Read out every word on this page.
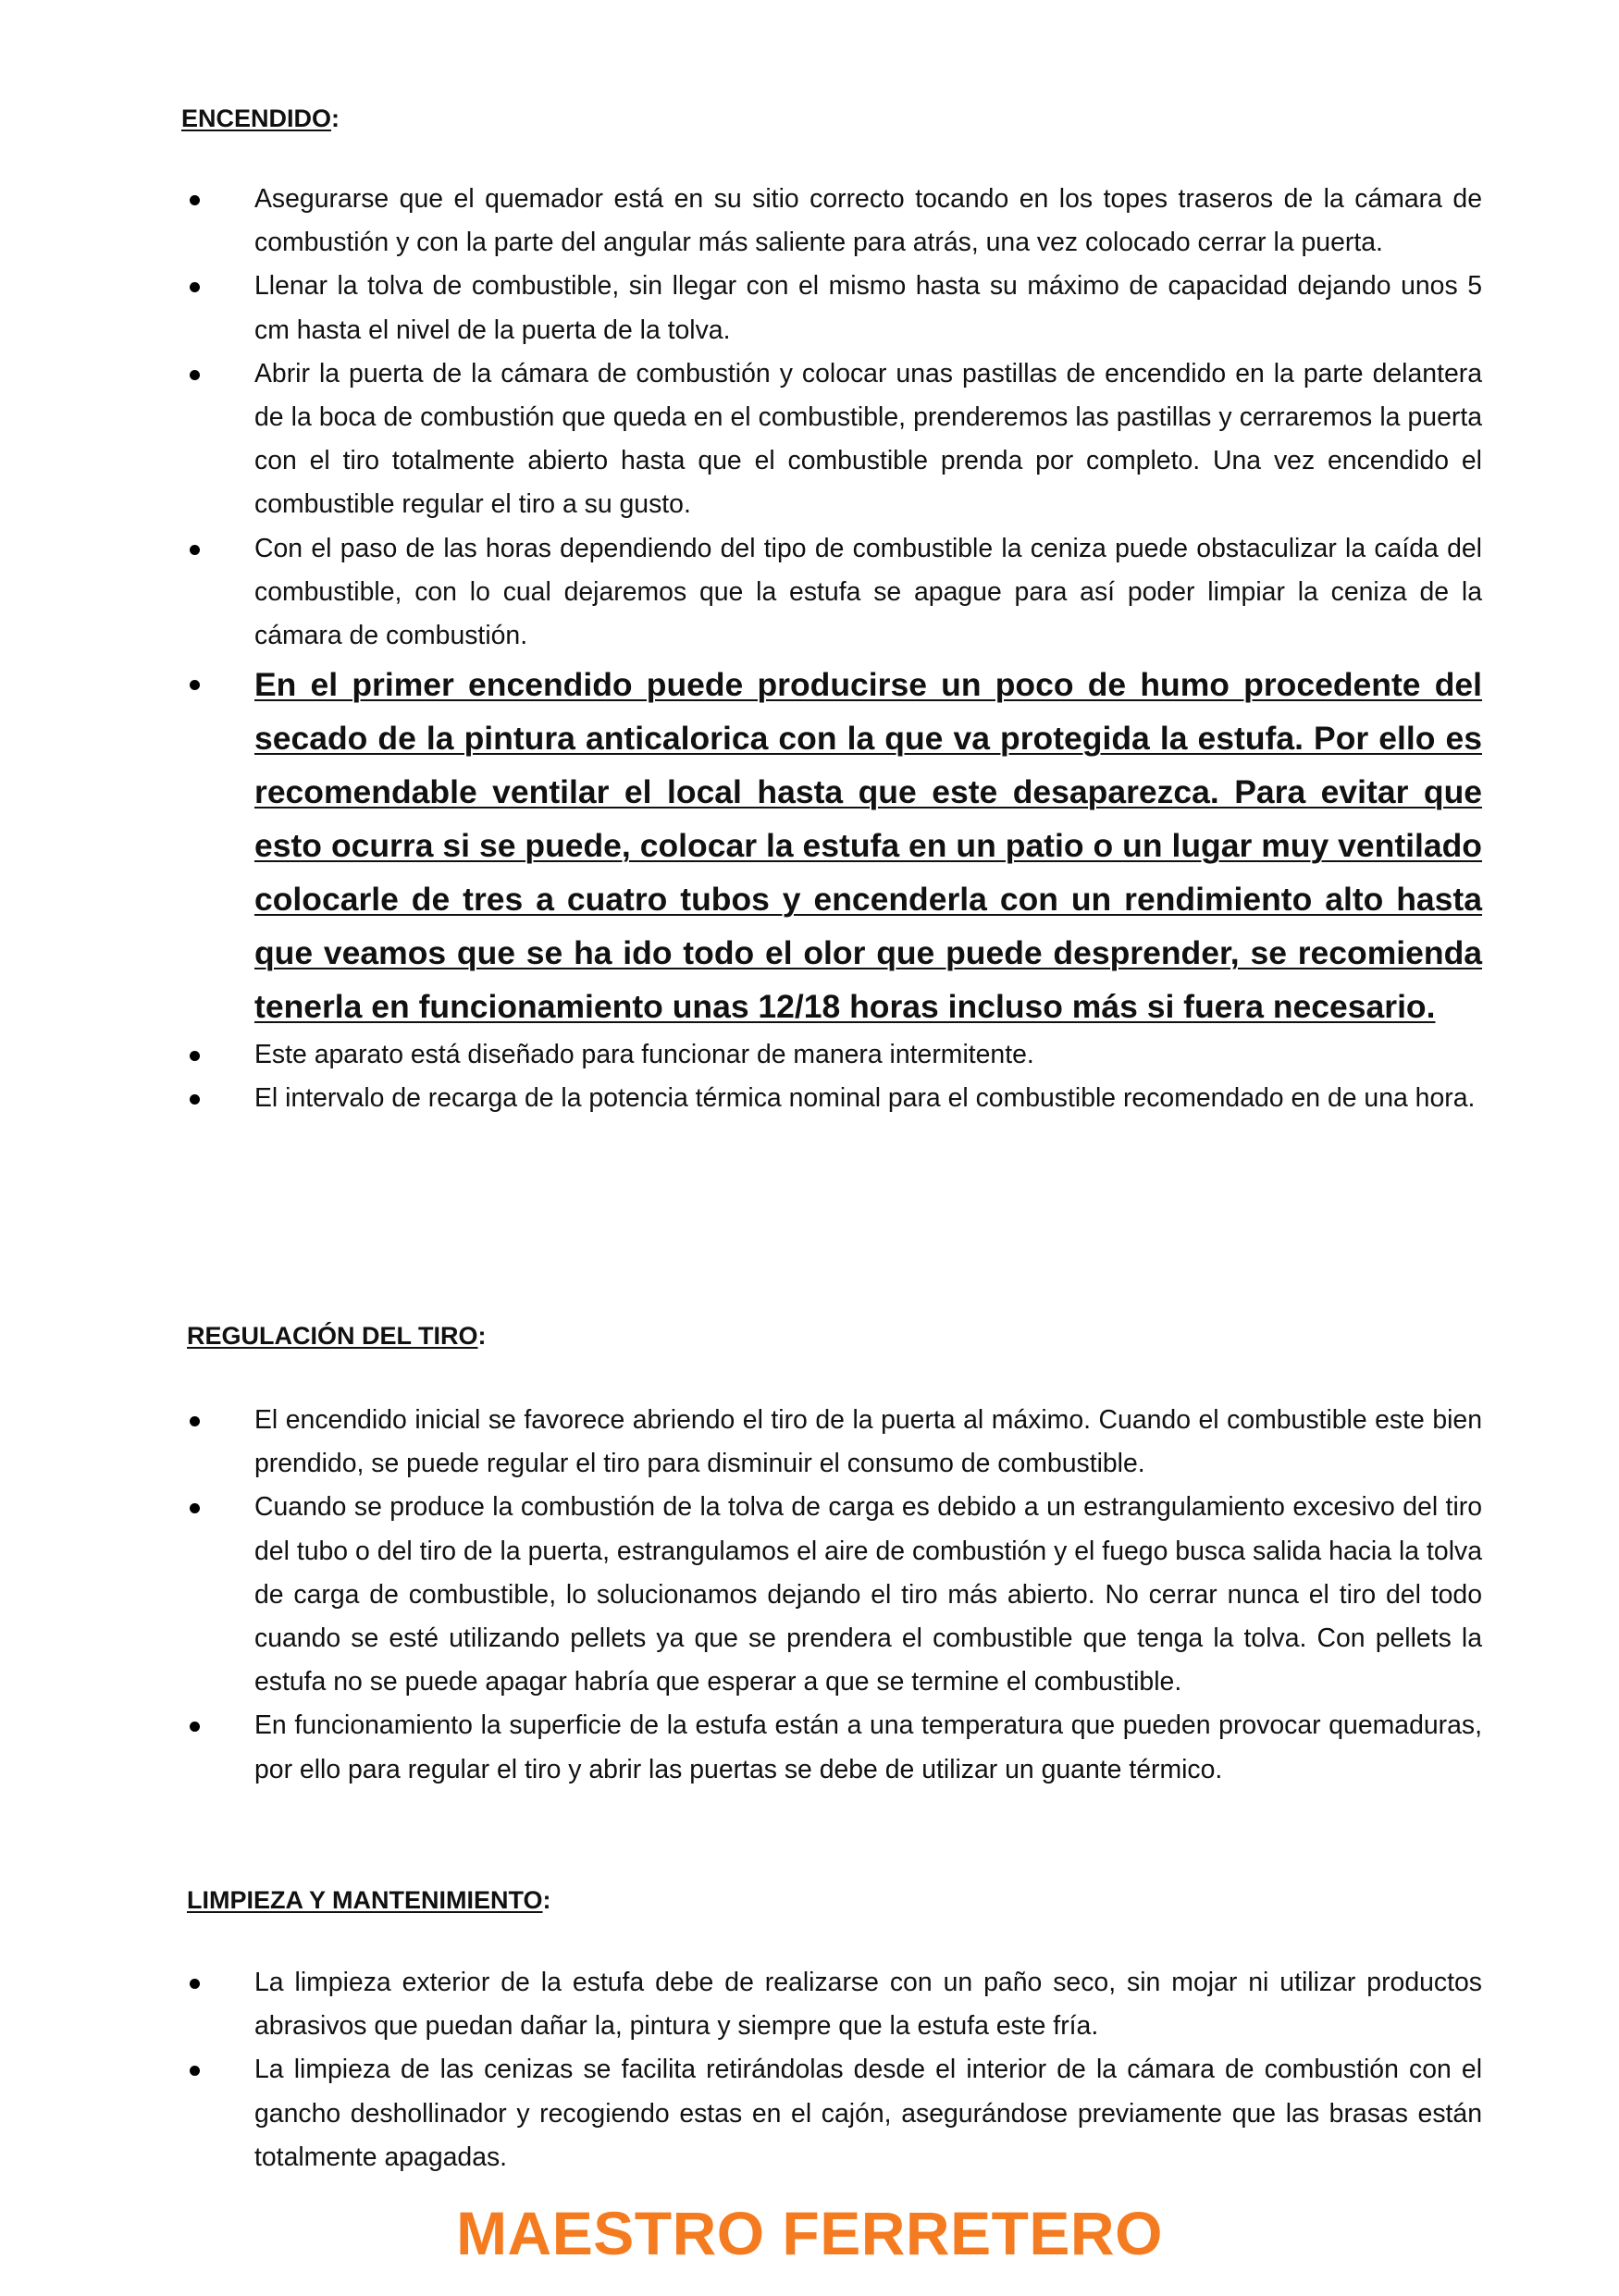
ENCENDIDO:
Asegurarse que el quemador está en su sitio correcto tocando en los topes traseros de la cámara de combustión y con la parte del angular más saliente para atrás, una vez colocado cerrar la puerta.
Llenar la tolva de combustible, sin llegar con el mismo hasta su máximo de capacidad dejando unos 5 cm hasta el nivel de la puerta de la tolva.
Abrir la puerta de la cámara de combustión y colocar unas pastillas de encendido en la parte delantera de la boca de combustión que queda en el combustible, prenderemos las pastillas y cerraremos la puerta con el tiro totalmente abierto hasta que el combustible prenda por completo. Una vez encendido el combustible regular el tiro a su gusto.
Con el paso de las horas dependiendo del tipo de combustible la ceniza puede obstaculizar la caída del combustible, con lo cual dejaremos que la estufa se apague para así poder limpiar la ceniza de la cámara de combustión.
En el primer encendido puede producirse un poco de humo procedente del secado de la pintura anticalorica con la que va protegida la estufa. Por ello es recomendable ventilar el local hasta que este desaparezca. Para evitar que esto ocurra si se puede, colocar la estufa en un patio o un lugar muy ventilado colocarle de tres a cuatro tubos y encenderla con un rendimiento alto hasta que veamos que se ha ido todo el olor que puede desprender, se recomienda tenerla en funcionamiento unas 12/18 horas incluso más si fuera necesario.
Este aparato está diseñado para funcionar de manera intermitente.
El intervalo de recarga de la potencia térmica nominal para el combustible recomendado en de una hora.
REGULACIÓN DEL TIRO:
El encendido inicial se favorece abriendo el tiro de la puerta al máximo. Cuando el combustible este bien prendido, se puede regular el tiro para disminuir el consumo de combustible.
Cuando se produce la combustión de la tolva de carga es debido a un estrangulamiento excesivo del tiro del tubo o del tiro de la puerta, estrangulamos el aire de combustión y el fuego busca salida hacia la tolva de carga de combustible, lo solucionamos dejando el tiro más abierto. No cerrar nunca el tiro del todo cuando se esté utilizando pellets ya que se prendera el combustible que tenga la tolva. Con pellets la estufa no se puede apagar habría que esperar a que se termine el combustible.
En funcionamiento la superficie de la estufa están a una temperatura que pueden provocar quemaduras, por ello para regular el tiro y abrir las puertas se debe de utilizar un guante térmico.
LIMPIEZA Y MANTENIMIENTO:
La limpieza exterior de la estufa debe de realizarse con un paño seco, sin mojar ni utilizar productos abrasivos que puedan dañar la, pintura y siempre que la estufa este fría.
La limpieza de las cenizas se facilita retirándolas desde el interior de la cámara de combustión con el gancho deshollinador y recogiendo estas en el cajón, asegurándose previamente que las brasas están totalmente apagadas.
MAESTRO FERRETERO
